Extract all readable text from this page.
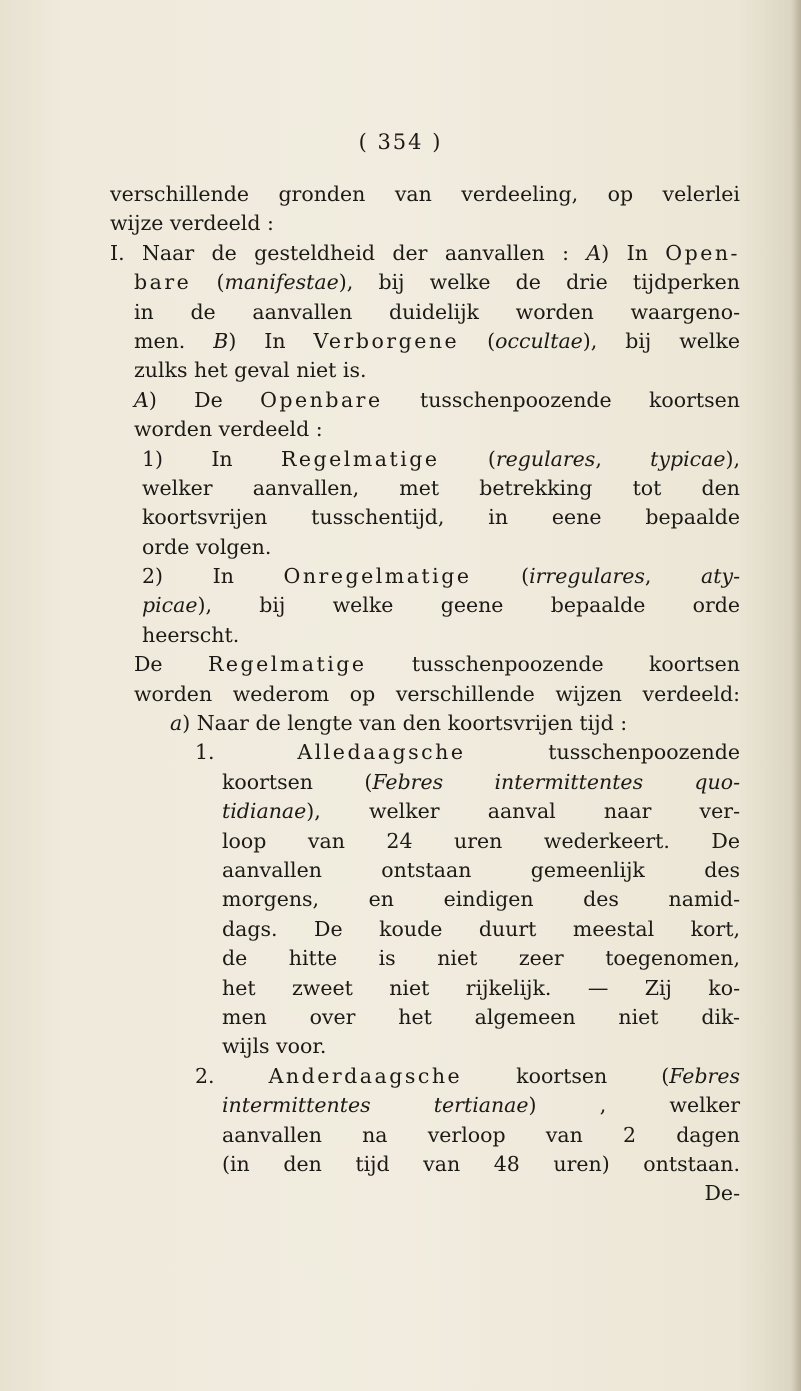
( 354 )
verschillende gronden van verdeeling, op velerlei
wijze verdeeld :
I. Naar de gesteldheid der aanvallen : A) In Open-
bare (manifestae), bij welke de drie tijdperken
in de aanvallen duidelijk worden waargeno-
men. B) In Verborgene (occultae), bij welke
zulks het geval niet is.
A) De Openbare tusschenpoozende koortsen
worden verdeeld :
1) In Regelmatige (regulares, typicae),
welker aanvallen, met betrekking tot den
koortsvrijen tusschentijd, in eene bepaalde
orde volgen.
2) In Onregelmatige (irregulares, aty-
picae), bij welke geene bepaalde orde
heerscht.
De Regelmatige tusschenpoozende koortsen
worden wederom op verschillende wijzen verdeeld:
a) Naar de lengte van den koortsvrijen tijd :
1. Alledaagsche tusschenpoozende
koortsen (Febres intermittentes quo-
tidianae), welker aanval naar ver-
loop van 24 uren wederkeert. De
aanvallen ontstaan gemeenlijk des
morgens, en eindigen des namid-
dags. De koude duurt meestal kort,
de hitte is niet zeer toegenomen,
het zweet niet rijkelijk. — Zij ko-
men over het algemeen niet dik-
wijls voor.
2. Anderdaagsche koortsen (Febres
intermittentes tertianae) , welker
aanvallen na verloop van 2 dagen
(in den tijd van 48 uren) ontstaan.
De-
